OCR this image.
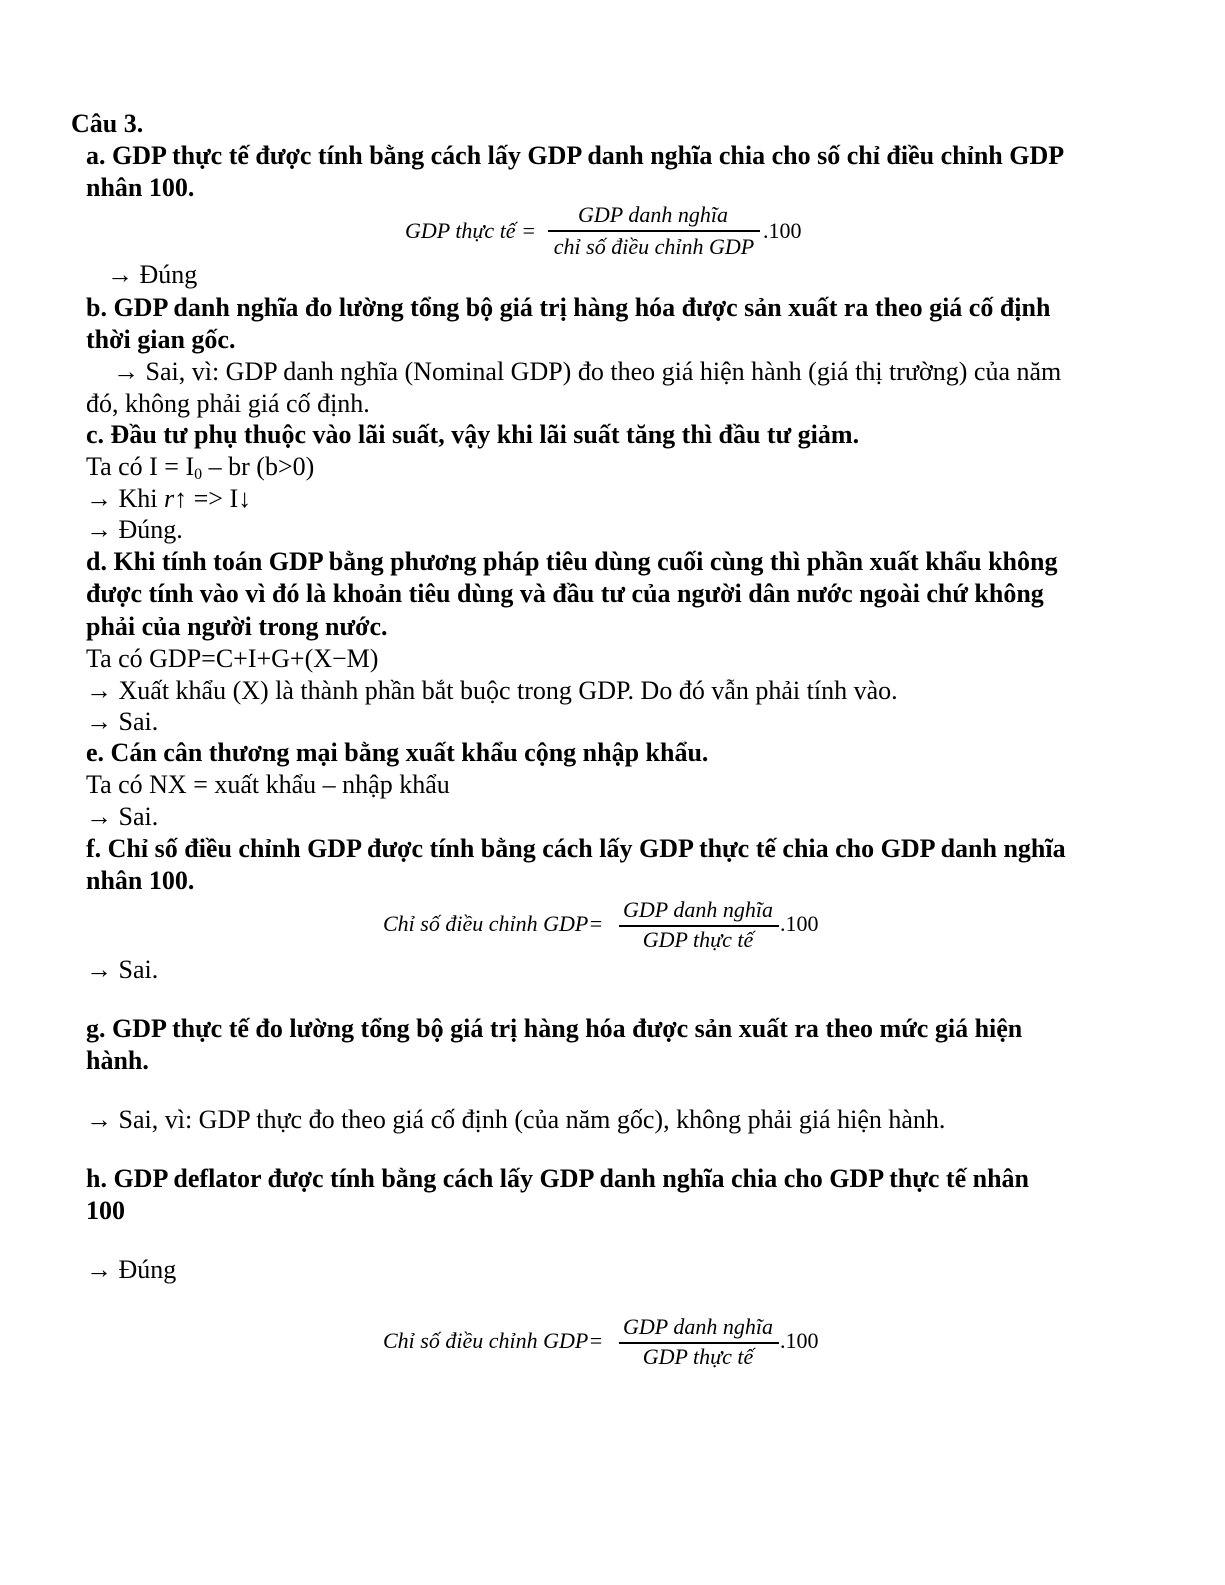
Câu 3.
a. GDP thực tế được tính bằng cách lấy GDP danh nghĩa chia cho số chỉ điều chỉnh GDP
nhân 100.
GDP thực tế =
GDP danh nghĩa
chỉ số điều chỉnh GDP
.100
→ Đúng
b. GDP danh nghĩa đo lường tổng bộ giá trị hàng hóa được sản xuất ra theo giá cố định
thời gian gốc.
→ Sai, vì: GDP danh nghĩa (Nominal GDP) đo theo giá hiện hành (giá thị trường) của năm
đó, không phải giá cố định.
c. Đầu tư phụ thuộc vào lãi suất, vậy khi lãi suất tăng thì đầu tư giảm.
Ta có $I = I_0$ – br (b>0)
→ Khi r↑ => I↓
→ Đúng.
d. Khi tính toán GDP bằng phương pháp tiêu dùng cuối cùng thì phần xuất khẩu không
được tính vào vì đó là khoản tiêu dùng và đầu tư của người dân nước ngoài chứ không
phải của người trong nước.
Ta có GDP=C+I+G+(X−M)
→ Xuất khẩu (X) là thành phần bắt buộc trong GDP. Do đó vẫn phải tính vào.
→ Sai.
e. Cán cân thương mại bằng xuất khẩu cộng nhập khẩu.
Ta có NX = xuất khẩu – nhập khẩu
→ Sai.
f. Chỉ số điều chỉnh GDP được tính bằng cách lấy GDP thực tế chia cho GDP danh nghĩa
nhân 100.
Chỉ số điều chỉnh GDP=
GDP danh nghĩa
GDP thực tế
.100
→ Sai.
g. GDP thực tế đo lường tổng bộ giá trị hàng hóa được sản xuất ra theo mức giá hiện
hành.
→ Sai, vì: GDP thực đo theo giá cố định (của năm gốc), không phải giá hiện hành.
h. GDP deflator được tính bằng cách lấy GDP danh nghĩa chia cho GDP thực tế nhân
100
→ Đúng
Chỉ số điều chỉnh GDP=
GDP danh nghĩa
GDP thực tế
.100
